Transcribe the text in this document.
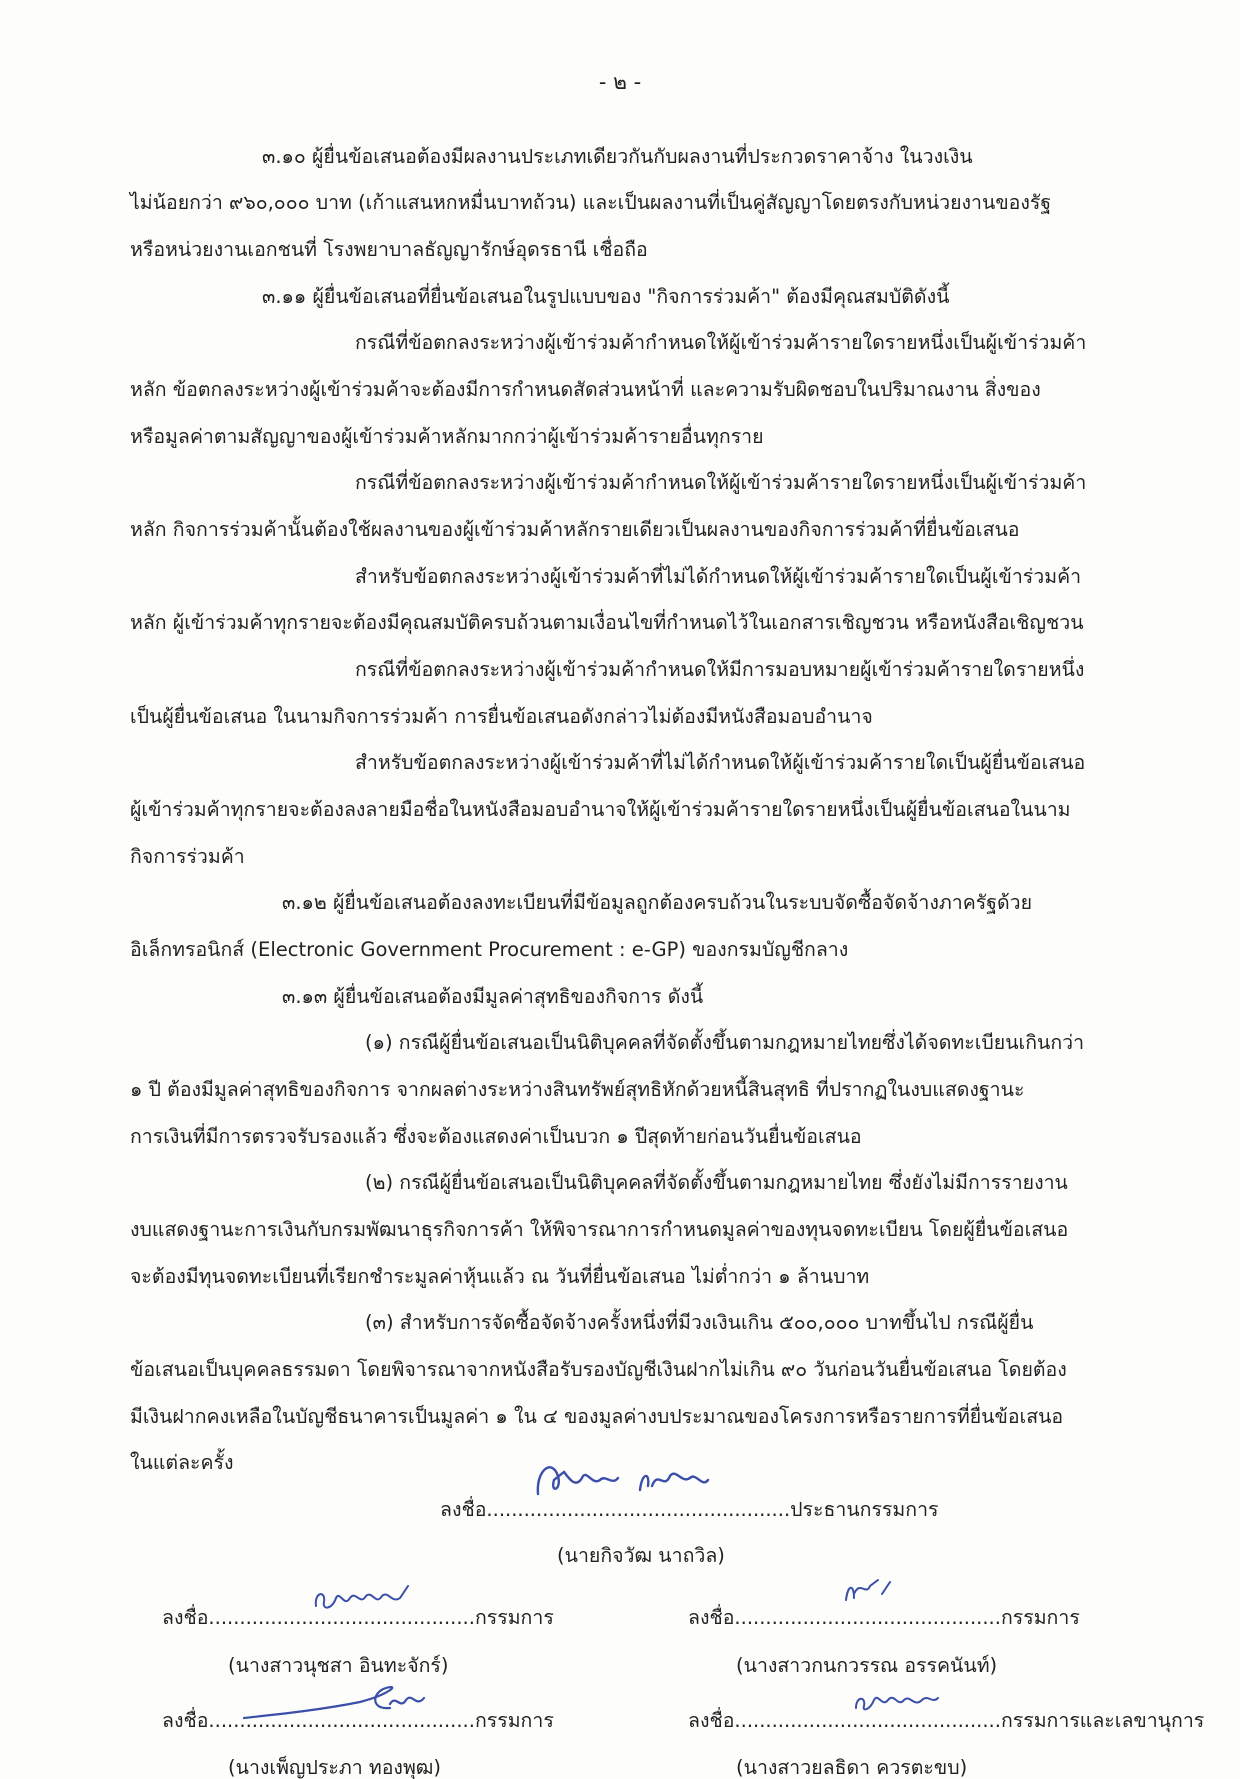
- ๒ -
๓.๑๐ ผู้ยื่นข้อเสนอต้องมีผลงานประเภทเดียวกันกับผลงานที่ประกวดราคาจ้าง ในวงเงิน
ไม่น้อยกว่า ๙๖๐,๐๐๐ บาท (เก้าแสนหกหมื่นบาทถ้วน) และเป็นผลงานที่เป็นคู่สัญญาโดยตรงกับหน่วยงานของรัฐ
หรือหน่วยงานเอกชนที่ โรงพยาบาลธัญญารักษ์อุดรธานี เชื่อถือ
๓.๑๑ ผู้ยื่นข้อเสนอที่ยื่นข้อเสนอในรูปแบบของ "กิจการร่วมค้า" ต้องมีคุณสมบัติดังนี้
กรณีที่ข้อตกลงระหว่างผู้เข้าร่วมค้ากำหนดให้ผู้เข้าร่วมค้ารายใดรายหนึ่งเป็นผู้เข้าร่วมค้า
หลัก ข้อตกลงระหว่างผู้เข้าร่วมค้าจะต้องมีการกำหนดสัดส่วนหน้าที่ และความรับผิดชอบในปริมาณงาน สิ่งของ
หรือมูลค่าตามสัญญาของผู้เข้าร่วมค้าหลักมากกว่าผู้เข้าร่วมค้ารายอื่นทุกราย
กรณีที่ข้อตกลงระหว่างผู้เข้าร่วมค้ากำหนดให้ผู้เข้าร่วมค้ารายใดรายหนึ่งเป็นผู้เข้าร่วมค้า
หลัก กิจการร่วมค้านั้นต้องใช้ผลงานของผู้เข้าร่วมค้าหลักรายเดียวเป็นผลงานของกิจการร่วมค้าที่ยื่นข้อเสนอ
สำหรับข้อตกลงระหว่างผู้เข้าร่วมค้าที่ไม่ได้กำหนดให้ผู้เข้าร่วมค้ารายใดเป็นผู้เข้าร่วมค้า
หลัก ผู้เข้าร่วมค้าทุกรายจะต้องมีคุณสมบัติครบถ้วนตามเงื่อนไขที่กำหนดไว้ในเอกสารเชิญชวน หรือหนังสือเชิญชวน
กรณีที่ข้อตกลงระหว่างผู้เข้าร่วมค้ากำหนดให้มีการมอบหมายผู้เข้าร่วมค้ารายใดรายหนึ่ง
เป็นผู้ยื่นข้อเสนอ ในนามกิจการร่วมค้า การยื่นข้อเสนอดังกล่าวไม่ต้องมีหนังสือมอบอำนาจ
สำหรับข้อตกลงระหว่างผู้เข้าร่วมค้าที่ไม่ได้กำหนดให้ผู้เข้าร่วมค้ารายใดเป็นผู้ยื่นข้อเสนอ
ผู้เข้าร่วมค้าทุกรายจะต้องลงลายมือชื่อในหนังสือมอบอำนาจให้ผู้เข้าร่วมค้ารายใดรายหนึ่งเป็นผู้ยื่นข้อเสนอในนาม
กิจการร่วมค้า
๓.๑๒ ผู้ยื่นข้อเสนอต้องลงทะเบียนที่มีข้อมูลถูกต้องครบถ้วนในระบบจัดซื้อจัดจ้างภาครัฐด้วย
อิเล็กทรอนิกส์ (Electronic Government Procurement : e-GP) ของกรมบัญชีกลาง
๓.๑๓ ผู้ยื่นข้อเสนอต้องมีมูลค่าสุทธิของกิจการ ดังนี้
(๑) กรณีผู้ยื่นข้อเสนอเป็นนิติบุคคลที่จัดตั้งขึ้นตามกฎหมายไทยซึ่งได้จดทะเบียนเกินกว่า
๑ ปี ต้องมีมูลค่าสุทธิของกิจการ จากผลต่างระหว่างสินทรัพย์สุทธิหักด้วยหนี้สินสุทธิ ที่ปรากฏในงบแสดงฐานะ
การเงินที่มีการตรวจรับรองแล้ว ซึ่งจะต้องแสดงค่าเป็นบวก ๑ ปีสุดท้ายก่อนวันยื่นข้อเสนอ
(๒) กรณีผู้ยื่นข้อเสนอเป็นนิติบุคคลที่จัดตั้งขึ้นตามกฎหมายไทย ซึ่งยังไม่มีการรายงาน
งบแสดงฐานะการเงินกับกรมพัฒนาธุรกิจการค้า ให้พิจารณาการกำหนดมูลค่าของทุนจดทะเบียน โดยผู้ยื่นข้อเสนอ
จะต้องมีทุนจดทะเบียนที่เรียกชำระมูลค่าหุ้นแล้ว ณ วันที่ยื่นข้อเสนอ ไม่ต่ำกว่า ๑ ล้านบาท
(๓) สำหรับการจัดซื้อจัดจ้างครั้งหนึ่งที่มีวงเงินเกิน ๕๐๐,๐๐๐ บาทขึ้นไป กรณีผู้ยื่น
ข้อเสนอเป็นบุคคลธรรมดา โดยพิจารณาจากหนังสือรับรองบัญชีเงินฝากไม่เกิน ๙๐ วันก่อนวันยื่นข้อเสนอ โดยต้อง
มีเงินฝากคงเหลือในบัญชีธนาคารเป็นมูลค่า ๑ ใน ๔ ของมูลค่างบประมาณของโครงการหรือรายการที่ยื่นข้อเสนอ
ในแต่ละครั้ง
ลงชื่อ.................................................ประธานกรรมการ
(นายกิจวัฒ นาถวิล)
ลงชื่อ...........................................กรรมการ
(นางสาวนุชสา อินทะจักร์)
ลงชื่อ...........................................กรรมการ
(นางสาวกนกวรรณ อรรคนันท์)
ลงชื่อ...........................................กรรมการ
(นางเพ็ญประภา ทองพุฒ)
ลงชื่อ...........................................กรรมการและเลขานุการ
(นางสาวยลธิดา ควรตะขบ)
